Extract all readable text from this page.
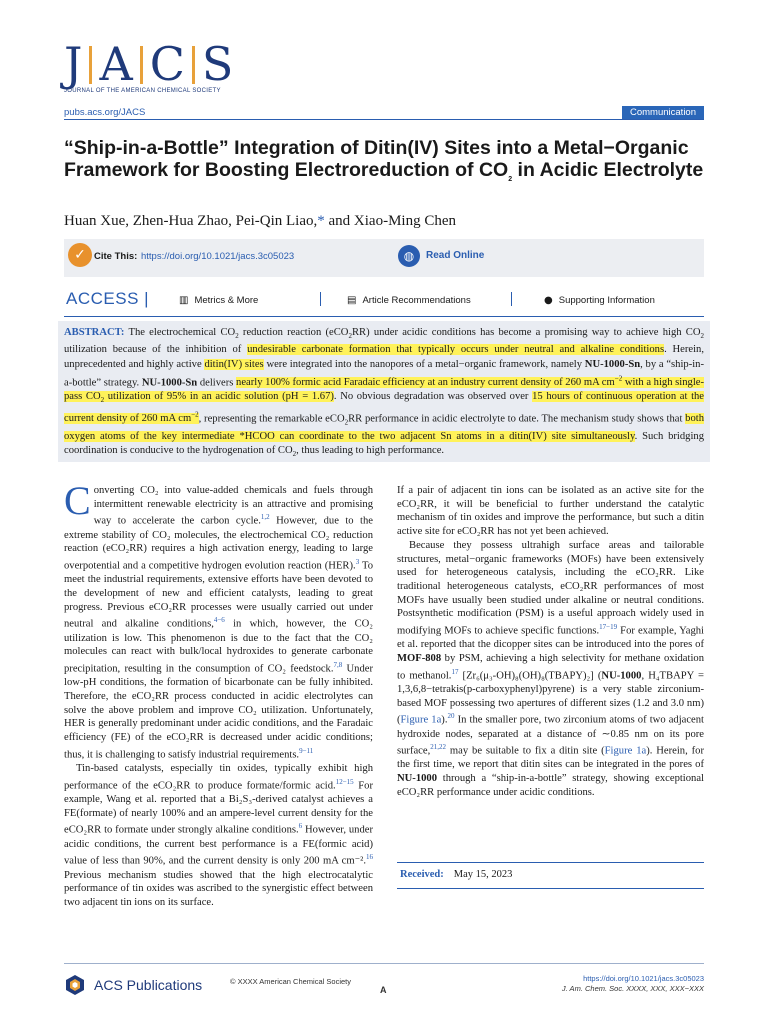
J A C S
JOURNAL OF THE AMERICAN CHEMICAL SOCIETY
pubs.acs.org/JACS	Communication
“Ship-in-a-Bottle” Integration of Ditin(IV) Sites into a Metal−Organic Framework for Boosting Electroreduction of $CO_2$ in Acidic Electrolyte
Huan Xue, Zhen-Hua Zhao, Pei-Qin Liao,* and Xiao-Ming Chen
✓ Cite This: https://doi.org/10.1021/jacs.3c05023	◍	Read Online
ACCESS |	▥ Metrics & More	▤ Article Recommendations	● Supporting Information
ABSTRACT: The electrochemical $CO_2$ reduction reaction (eCO$_2$RR) under acidic conditions has become a promising way to achieve high $CO_2$ utilization because of the inhibition of undesirable carbonate formation that typically occurs under neutral and alkaline conditions. Herein, unprecedented and highly active ditin(IV) sites were integrated into the nanopores of a metal−organic framework, namely NU-1000-Sn, by a “ship-in-a-bottle” strategy. NU-1000-Sn delivers nearly 100% formic acid Faradaic efficiency at an industry current density of 260 mA $cm^{-2}$ with a high single-pass $CO_2$ utilization of 95% in an acidic solution (pH = 1.67). No obvious degradation was observed over 15 hours of continuous operation at the current density of 260 mA $cm^{-2}$, representing the remarkable eCO$_2$RR performance in acidic electrolyte to date. The mechanism study shows that both oxygen atoms of the key intermediate *HCOO can coordinate to the two adjacent Sn atoms in a ditin(IV) site simultaneously. Such bridging coordination is conducive to the hydrogenation of $CO_2$, thus leading to high performance.

Converting CO₂ into value-added chemicals and fuels through intermittent renewable electricity is an attractive and promising way to accelerate the carbon cycle.$^{1,2}$ However, due to the extreme stability of CO₂ molecules, the electrochemical CO₂ reduction reaction (eCO₂RR) requires a high activation energy, leading to large overpotential and a competitive hydrogen evolution reaction (HER).$^3$ To meet the industrial requirements, extensive efforts have been devoted to the development of new and efficient catalysts, leading to great progress. Previous eCO₂RR processes were usually carried out under neutral and alkaline conditions,$^{4-6}$ in which, however, the CO₂ utilization is low. This phenomenon is due to the fact that the CO₂ molecules can react with bulk/local hydroxides to generate carbonate precipitation, resulting in the consumption of CO₂ feedstock.$^{7,8}$ Under low-pH conditions, the formation of bicarbonate can be fully inhibited. Therefore, the eCO₂RR process conducted in acidic electrolytes can solve the above problem and improve CO₂ utilization. Unfortunately, HER is generally predominant under acidic conditions, and the Faradaic efficiency (FE) of the eCO₂RR is decreased under acidic conditions; thus, it is challenging to satisfy industrial requirements.$^{9-11}$

Tin-based catalysts, especially tin oxides, typically exhibit high performance of the eCO₂RR to produce formate/formic acid.$^{12-15}$ For example, Wang et al. reported that a Bi₂S₃-derived catalyst achieves a FE(formate) of nearly 100% and an ampere-level current density for the eCO₂RR to formate under strongly alkaline conditions.$^6$ However, under acidic conditions, the current best performance is a FE(formic acid) value of less than 90%, and the current density is only 200 mA cm⁻².$^{16}$ Previous mechanism studies showed that the high electrocatalytic performance of tin oxides was ascribed to the synergistic effect between two adjacent tin ions on its surface.

If a pair of adjacent tin ions can be isolated as an active site for the eCO₂RR, it will be beneficial to further understand the catalytic mechanism of tin oxides and improve the performance, but such a ditin active site for eCO₂RR has not yet been achieved.

Because they possess ultrahigh surface areas and tailorable structures, metal−organic frameworks (MOFs) have been extensively used for heterogeneous catalysis, including the eCO₂RR. Like traditional heterogeneous catalysts, eCO₂RR performances of most MOFs have usually been studied under alkaline or neutral conditions. Postsynthetic modification (PSM) is a useful approach widely used in modifying MOFs to achieve specific functions.$^{17-19}$ For example, Yaghi et al. reported that the dicopper sites can be introduced into the pores of MOF-808 by PSM, achieving a high selectivity for methane oxidation to methanol.$^{17}$ [Zr₆(μ₃-OH)₈(OH)₈(TBAPY)₂] (NU-1000, H₄TBAPY = 1,3,6,8−tetrakis(p-carboxyphenyl)pyrene) is a very stable zirconium-based MOF possessing two apertures of different sizes (1.2 and 3.0 nm) (Figure 1a).$^{20}$ In the smaller pore, two zirconium atoms of two adjacent hydroxide nodes, separated at a distance of ∼0.85 nm on its pore surface,$^{21,22}$ may be suitable to fix a ditin site (Figure 1a). Herein, for the first time, we report that ditin sites can be integrated in the pores of NU-1000 through a “ship-in-a-bottle” strategy, showing exceptional eCO₂RR performance under acidic conditions.

Received: May 15, 2023
ACS Publications	© XXXX American Chemical Society
A
https://doi.org/10.1021/jacs.3c05023
J. Am. Chem. Soc. XXXX, XXX, XXX−XXX
